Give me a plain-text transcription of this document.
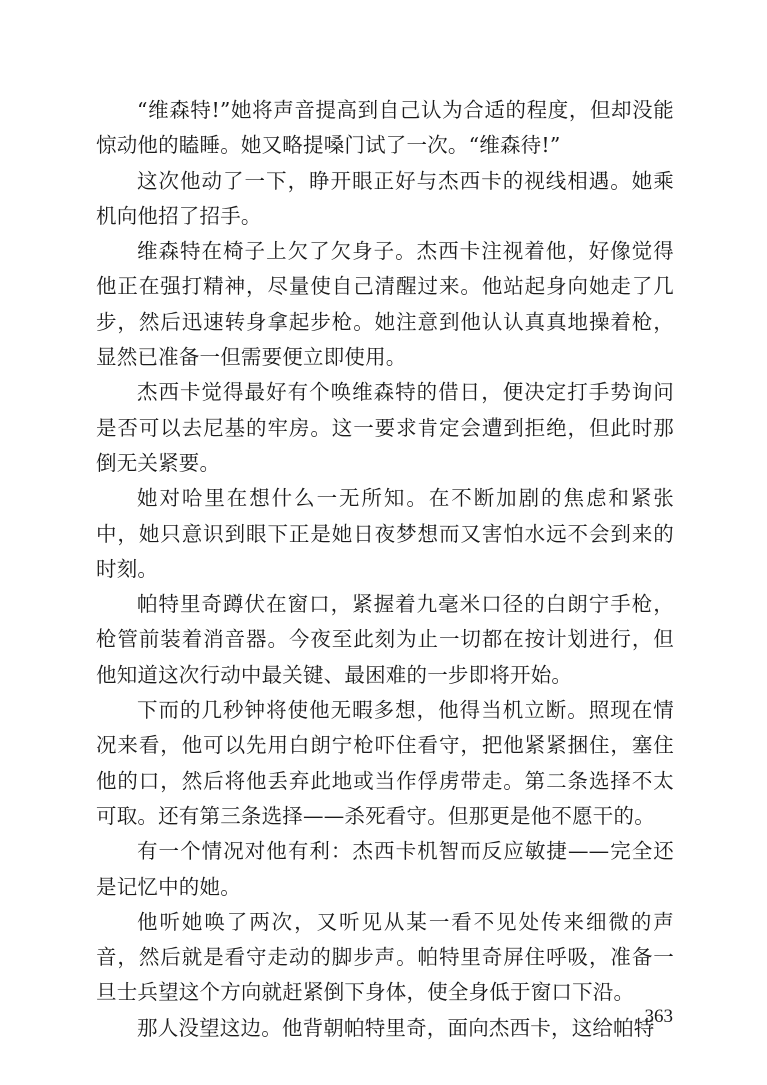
“维森特!”她将声音提高到自己认为合适的程度，但却没能惊动他的瞌睡。她又略提嗓门试了一次。“维森待!”

这次他动了一下，睁开眼正好与杰西卡的视线相遇。她乘机向他招了招手。

维森特在椅子上欠了欠身子。杰西卡注视着他，好像觉得他正在强打精神，尽量使自己清醒过来。他站起身向她走了几步，然后迅速转身拿起步枪。她注意到他认认真真地操着枪，显然已准备一但需要便立即使用。

杰西卡觉得最好有个唤维森特的借日，便决定打手势询问是否可以去尼基的牢房。这一要求肯定会遭到拒绝，但此时那倒无关紧要。

她对哈里在想什么一无所知。在不断加剧的焦虑和紧张中，她只意识到眼下正是她日夜梦想而又害怕水远不会到来的时刻。

帕特里奇蹲伏在窗口，紧握着九毫米口径的白朗宁手枪，枪管前装着消音器。今夜至此刻为止一切都在按计划进行，但他知道这次行动中最关键、最困难的一步即将开始。

下而的几秒钟将使他无暇多想，他得当机立断。照现在情况来看，他可以先用白朗宁枪吓住看守，把他紧紧捆住，塞住他的口，然后将他丢弃此地或当作俘虏带走。第二条选择不太可取。还有第三条选择——杀死看守。但那更是他不愿干的。

有一个情况对他有利：杰西卡机智而反应敏捷——完全还是记忆中的她。

他听她唤了两次，又听见从某一看不见处传来细微的声音，然后就是看守走动的脚步声。帕特里奇屏住呼吸，准备一旦士兵望这个方向就赶紧倒下身体，使全身低于窗口下沿。

那人没望这边。他背朝帕特里奇，面向杰西卡，这给帕特

363
